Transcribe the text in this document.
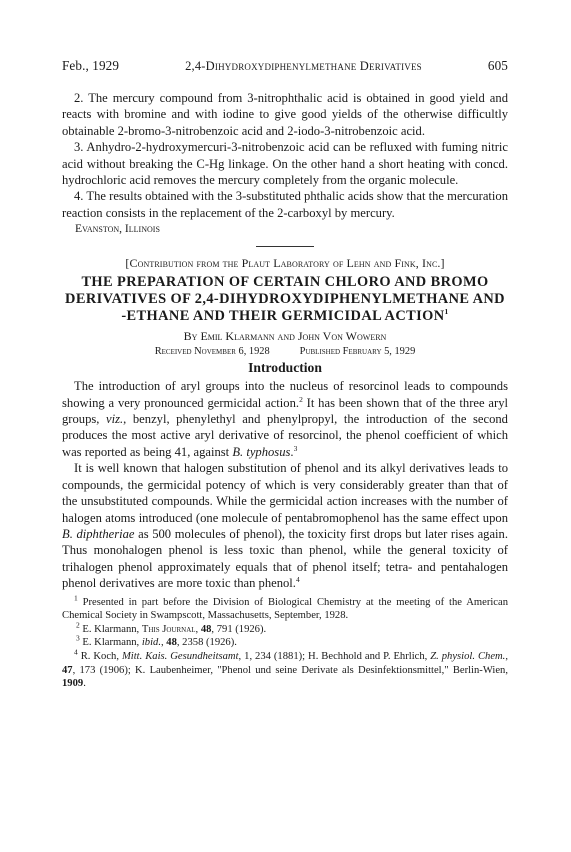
Feb., 1929	2,4-Dihydroxydiphenylmethane Derivatives	605

2. The mercury compound from 3-nitrophthalic acid is obtained in good yield and reacts with bromine and with iodine to give good yields of the otherwise difficultly obtainable 2-bromo-3-nitrobenzoic acid and 2-iodo-3-nitrobenzoic acid.

3. Anhydro-2-hydroxymercuri-3-nitrobenzoic acid can be refluxed with fuming nitric acid without breaking the C-Hg linkage. On the other hand a short heating with concd. hydrochloric acid removes the mercury completely from the organic molecule.

4. The results obtained with the 3-substituted phthalic acids show that the mercuration reaction consists in the replacement of the 2-carboxyl by mercury.

Evanston, Illinois

[Contribution from the Plaut Laboratory of Lehn and Fink, Inc.]
THE PREPARATION OF CERTAIN CHLORO AND BROMO
DERIVATIVES OF 2,4-DIHYDROXYDIPHENYLMETHANE AND
-ETHANE AND THEIR GERMICIDAL ACTION$^1$
By Emil Klarmann and John Von Wowern
Received November 6, 1928	Published February 5, 1929
Introduction

The introduction of aryl groups into the nucleus of resorcinol leads to compounds showing a very pronounced germicidal action.$^2$ It has been shown that of the three aryl groups, viz., benzyl, phenylethyl and phenylpropyl, the introduction of the second produces the most active aryl derivative of resorcinol, the phenol coefficient of which was reported as being 41, against B. typhosus.$^3$

It is well known that halogen substitution of phenol and its alkyl derivatives leads to compounds, the germicidal potency of which is very considerably greater than that of the unsubstituted compounds. While the germicidal action increases with the number of halogen atoms introduced (one molecule of pentabromophenol has the same effect upon B. diphtheriae as 500 molecules of phenol), the toxicity first drops but later rises again. Thus monohalogen phenol is less toxic than phenol, while the general toxicity of trihalogen phenol approximately equals that of phenol itself; tetra- and pentahalogen phenol derivatives are more toxic than phenol.$^4$

$^1$ Presented in part before the Division of Biological Chemistry at the meeting of the American Chemical Society in Swampscott, Massachusetts, September, 1928.

$^2$ E. Klarmann, This Journal, 48, 791 (1926).

$^3$ E. Klarmann, ibid., 48, 2358 (1926).

$^4$ R. Koch, Mitt. Kais. Gesundheitsamt, 1, 234 (1881); H. Bechhold and P. Ehrlich, Z. physiol. Chem., 47, 173 (1906); K. Laubenheimer, "Phenol und seine Derivate als Desinfektionsmittel," Berlin-Wien, 1909.
